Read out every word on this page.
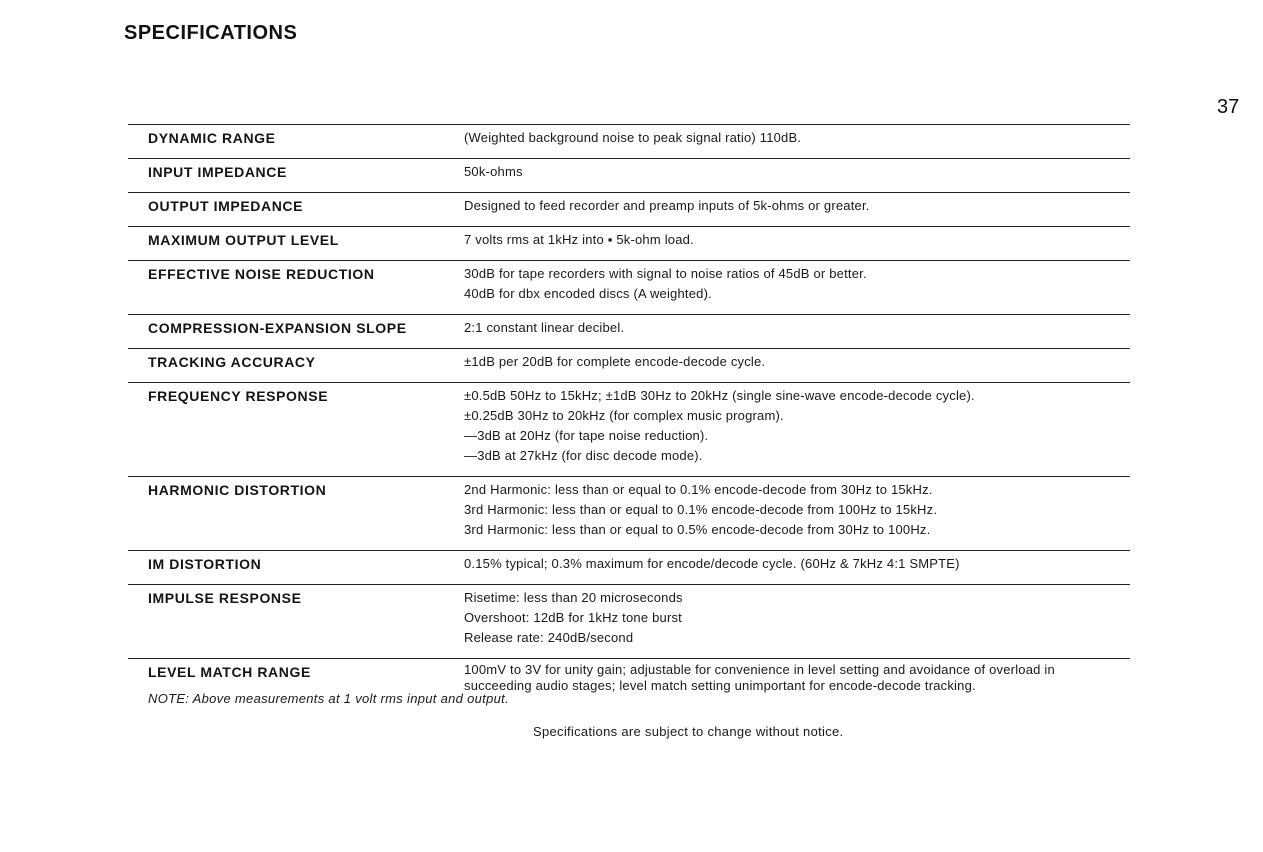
SPECIFICATIONS
37
DYNAMIC RANGE	(Weighted background noise to peak signal ratio) 110dB.
INPUT IMPEDANCE	50k-ohms
OUTPUT IMPEDANCE	Designed to feed recorder and preamp inputs of 5k-ohms or greater.
MAXIMUM OUTPUT LEVEL	7 volts rms at 1kHz into ▪ 5k-ohm load.
EFFECTIVE NOISE REDUCTION	30dB for tape recorders with signal to noise ratios of 45dB or better.
40dB for dbx encoded discs (A weighted).
COMPRESSION-EXPANSION SLOPE	2:1 constant linear decibel.
TRACKING ACCURACY	±1dB per 20dB for complete encode-decode cycle.
FREQUENCY RESPONSE	±0.5dB 50Hz to 15kHz; ±1dB 30Hz to 20kHz (single sine-wave encode-decode cycle).
±0.25dB 30Hz to 20kHz (for complex music program).
—3dB at 20Hz (for tape noise reduction).
—3dB at 27kHz (for disc decode mode).
HARMONIC DISTORTION	2nd Harmonic: less than or equal to 0.1% encode-decode from 30Hz to 15kHz.
3rd Harmonic: less than or equal to 0.1% encode-decode from 100Hz to 15kHz.
3rd Harmonic: less than or equal to 0.5% encode-decode from 30Hz to 100Hz.
IM DISTORTION	0.15% typical; 0.3% maximum for encode/decode cycle. (60Hz & 7kHz 4:1 SMPTE)
IMPULSE RESPONSE	Risetime: less than 20 microseconds
Overshoot: 12dB for 1kHz tone burst
Release rate: 240dB/second
LEVEL MATCH RANGE	100mV to 3V for unity gain; adjustable for convenience in level setting and avoidance of overload in succeeding audio stages; level match setting unimportant for encode-decode tracking.
NOTE: Above measurements at 1 volt rms input and output.
Specifications are subject to change without notice.
